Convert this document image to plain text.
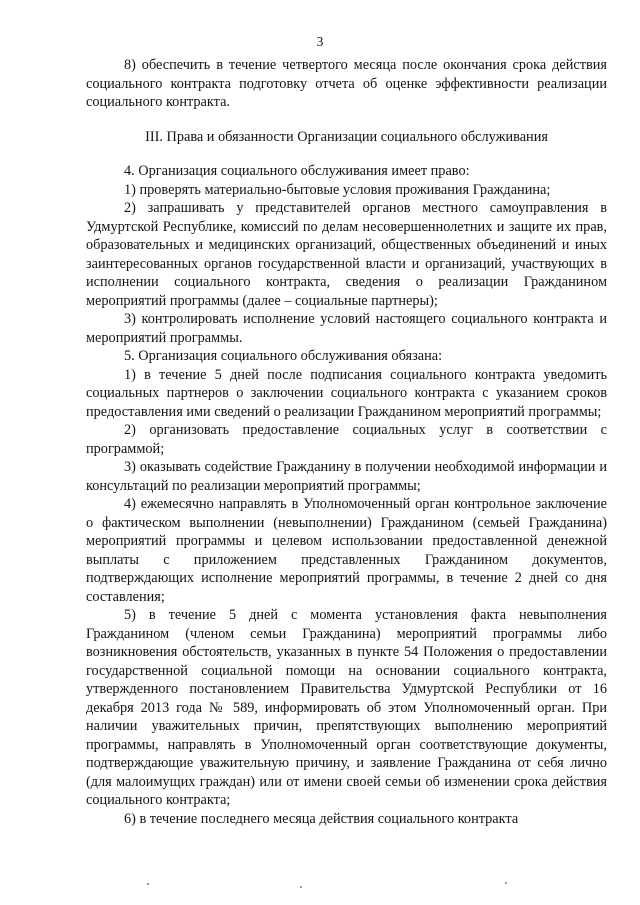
3

8) обеспечить в течение четвертого месяца после окончания срока действия социального контракта подготовку отчета об оценке эффективности реализации социального контракта.

III. Права и обязанности Организации социального обслуживания

4. Организация социального обслуживания имеет право:

1) проверять материально-бытовые условия проживания Гражданина;

2) запрашивать у представителей органов местного самоуправления в Удмуртской Республике, комиссий по делам несовершеннолетних и защите их прав, образовательных и медицинских организаций, общественных объединений и иных заинтересованных органов государственной власти и организаций, участвующих в исполнении социального контракта, сведения о реализации Гражданином мероприятий программы (далее – социальные партнеры);

3) контролировать исполнение условий настоящего социального контракта и мероприятий программы.

5. Организация социального обслуживания обязана:

1) в течение 5 дней после подписания социального контракта уведомить социальных партнеров о заключении социального контракта с указанием сроков предоставления ими сведений о реализации Гражданином мероприятий программы;

2) организовать предоставление социальных услуг в соответствии с программой;

3) оказывать содействие Гражданину в получении необходимой информации и консультаций по реализации мероприятий программы;

4) ежемесячно направлять в Уполномоченный орган контрольное заключение о фактическом выполнении (невыполнении) Гражданином (семьей Гражданина) мероприятий программы и целевом использовании предоставленной денежной выплаты с приложением представленных Гражданином документов, подтверждающих исполнение мероприятий программы, в течение 2 дней со дня составления;

5) в течение 5 дней с момента установления факта невыполнения Гражданином (членом семьи Гражданина) мероприятий программы либо возникновения обстоятельств, указанных в пункте 54 Положения о предоставлении государственной социальной помощи на основании социального контракта, утвержденного постановлением Правительства Удмуртской Республики от 16 декабря 2013 года № 589, информировать об этом Уполномоченный орган. При наличии уважительных причин, препятствующих выполнению мероприятий программы, направлять в Уполномоченный орган соответствующие документы, подтверждающие уважительную причину, и заявление Гражданина от себя лично (для малоимущих граждан) или от имени своей семьи об изменении срока действия социального контракта;

6) в течение последнего месяца действия социального контракта
